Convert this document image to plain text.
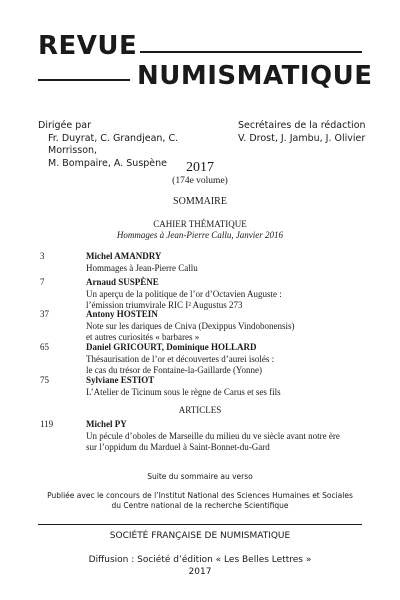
REVUE
NUMISMATIQUE
Dirigée par
Fr. Duyrat, C. Grandjean, C. Morrisson,
M. Bompaire, A. Suspène
Secrétaires de la rédaction
V. Drost, J. Jambu, J. Olivier
2017
(174e volume)
SOMMAIRE
CAHIER THÉMATIQUE
Hommages à Jean-Pierre Callu, Janvier 2016
3	Michel AMANDRY
Hommages à Jean-Pierre Callu
7	Arnaud SUSPÈNE
Un aperçu de la politique de l’or d’Octavien Auguste :
l’émission triumvirale RIC I² Augustus 273
37	Antony HOSTEIN
Note sur les dariques de Cniva (Dexippus Vindobonensis)
et autres curiosités « barbares »
65	Daniel GRICOURT, Dominique HOLLARD
Thésaurisation de l’or et découvertes d’aurei isolés :
le cas du trésor de Fontaine-la-Gaillarde (Yonne)
75	Sylviane ESTIOT
L’Atelier de Ticinum sous le règne de Carus et ses fils
ARTICLES
119	Michel PY
Un pécule d’oboles de Marseille du milieu du ve siècle avant notre ère
sur l’oppidum du Marduel à Saint-Bonnet-du-Gard
Suite du sommaire au verso
Publiée avec le concours de l’Institut National des Sciences Humaines et Sociales
du Centre national de la recherche Scientifique
SOCIÉTÉ FRANÇAISE DE NUMISMATIQUE
Diffusion : Société d’édition « Les Belles Lettres »
2017
